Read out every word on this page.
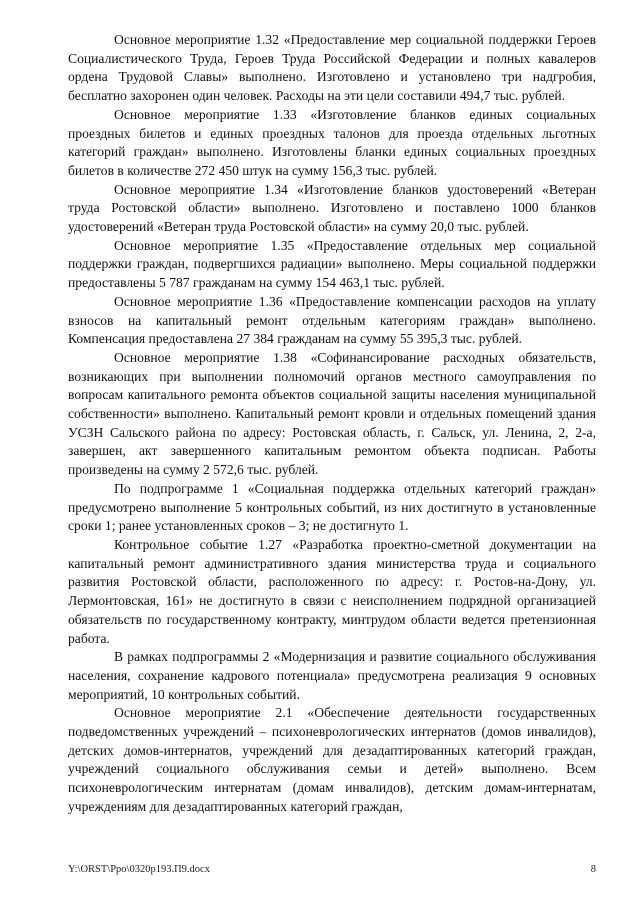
Основное мероприятие 1.32 «Предоставление мер социальной поддержки Героев Социалистического Труда, Героев Труда Российской Федерации и полных кавалеров ордена Трудовой Славы» выполнено. Изготовлено и установлено три надгробия, бесплатно захоронен один человек. Расходы на эти цели составили 494,7 тыс. рублей.

Основное мероприятие 1.33 «Изготовление бланков единых социальных проездных билетов и единых проездных талонов для проезда отдельных льготных категорий граждан» выполнено. Изготовлены бланки единых социальных проездных билетов в количестве 272 450 штук на сумму 156,3 тыс. рублей.

Основное мероприятие 1.34 «Изготовление бланков удостоверений «Ветеран труда Ростовской области» выполнено. Изготовлено и поставлено 1000 бланков удостоверений «Ветеран труда Ростовской области» на сумму 20,0 тыс. рублей.

Основное мероприятие 1.35 «Предоставление отдельных мер социальной поддержки граждан, подвергшихся радиации» выполнено. Меры социальной поддержки предоставлены 5 787 гражданам на сумму 154 463,1 тыс. рублей.

Основное мероприятие 1.36 «Предоставление компенсации расходов на уплату взносов на капитальный ремонт отдельным категориям граждан» выполнено. Компенсация предоставлена 27 384 гражданам на сумму 55 395,3 тыс. рублей.

Основное мероприятие 1.38 «Софинансирование расходных обязательств, возникающих при выполнении полномочий органов местного самоуправления по вопросам капитального ремонта объектов социальной защиты населения муниципальной собственности» выполнено. Капитальный ремонт кровли и отдельных помещений здания УСЗН Сальского района по адресу: Ростовская область, г. Сальск, ул. Ленина, 2, 2-а, завершен, акт завершенного капитальным ремонтом объекта подписан. Работы произведены на сумму 2 572,6 тыс. рублей.

По подпрограмме 1 «Социальная поддержка отдельных категорий граждан» предусмотрено выполнение 5 контрольных событий, из них достигнуто в установленные сроки 1; ранее установленных сроков – 3; не достигнуто 1.

Контрольное событие 1.27 «Разработка проектно-сметной документации на капитальный ремонт административного здания министерства труда и социального развития Ростовской области, расположенного по адресу: г. Ростов-на-Дону, ул. Лермонтовская, 161» не достигнуто в связи с неисполнением подрядной организацией обязательств по государственному контракту, минтрудом области ведется претензионная работа.

В рамках подпрограммы 2 «Модернизация и развитие социального обслуживания населения, сохранение кадрового потенциала» предусмотрена реализация 9 основных мероприятий, 10 контрольных событий.

Основное мероприятие 2.1 «Обеспечение деятельности государственных подведомственных учреждений – психоневрологических интернатов (домов инвалидов), детских домов-интернатов, учреждений для дезадаптированных категорий граждан, учреждений социального обслуживания семьи и детей» выполнено. Всем психоневрологическим интернатам (домам инвалидов), детским домам-интернатам, учреждениям для дезадаптированных категорий граждан,

Y:\ORST\Ppo\0320p193.П9.docx	8
